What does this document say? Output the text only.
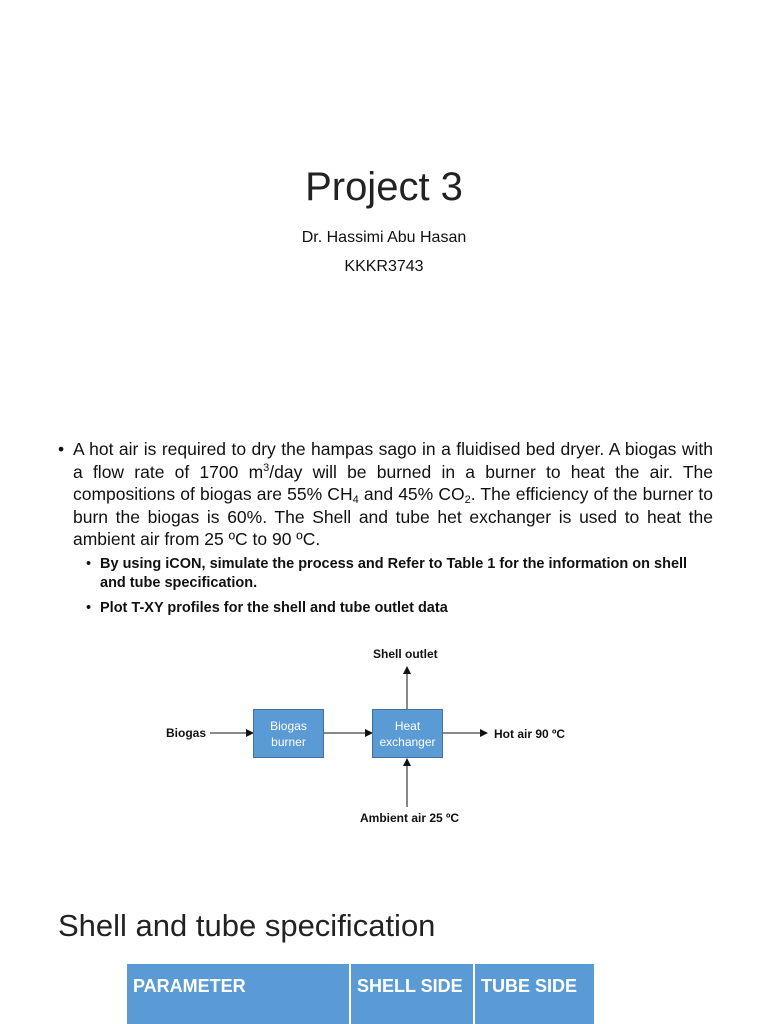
Project 3
Dr. Hassimi Abu Hasan
KKKR3743
• A hot air is required to dry the hampas sago in a fluidised bed dryer. A biogas with a flow rate of 1700 $m^3$/day will be burned in a burner to heat the air. The compositions of biogas are 55% $CH_4$ and 45% $CO_2$. The efficiency of the burner to burn the biogas is 60%. The Shell and tube het exchanger is used to heat the ambient air from 25 ºC to 90 ºC.
• By using iCON, simulate the process and Refer to Table 1 for the information on shell and tube specification.
• Plot T-XY profiles for the shell and tube outlet data
Shell outlet
Biogas
Biogas
burner
Heat
exchanger
Hot air 90 ºC
Ambient air 25 ºC
Shell and tube specification
PARAMETER	SHELL SIDE	TUBE SIDE
